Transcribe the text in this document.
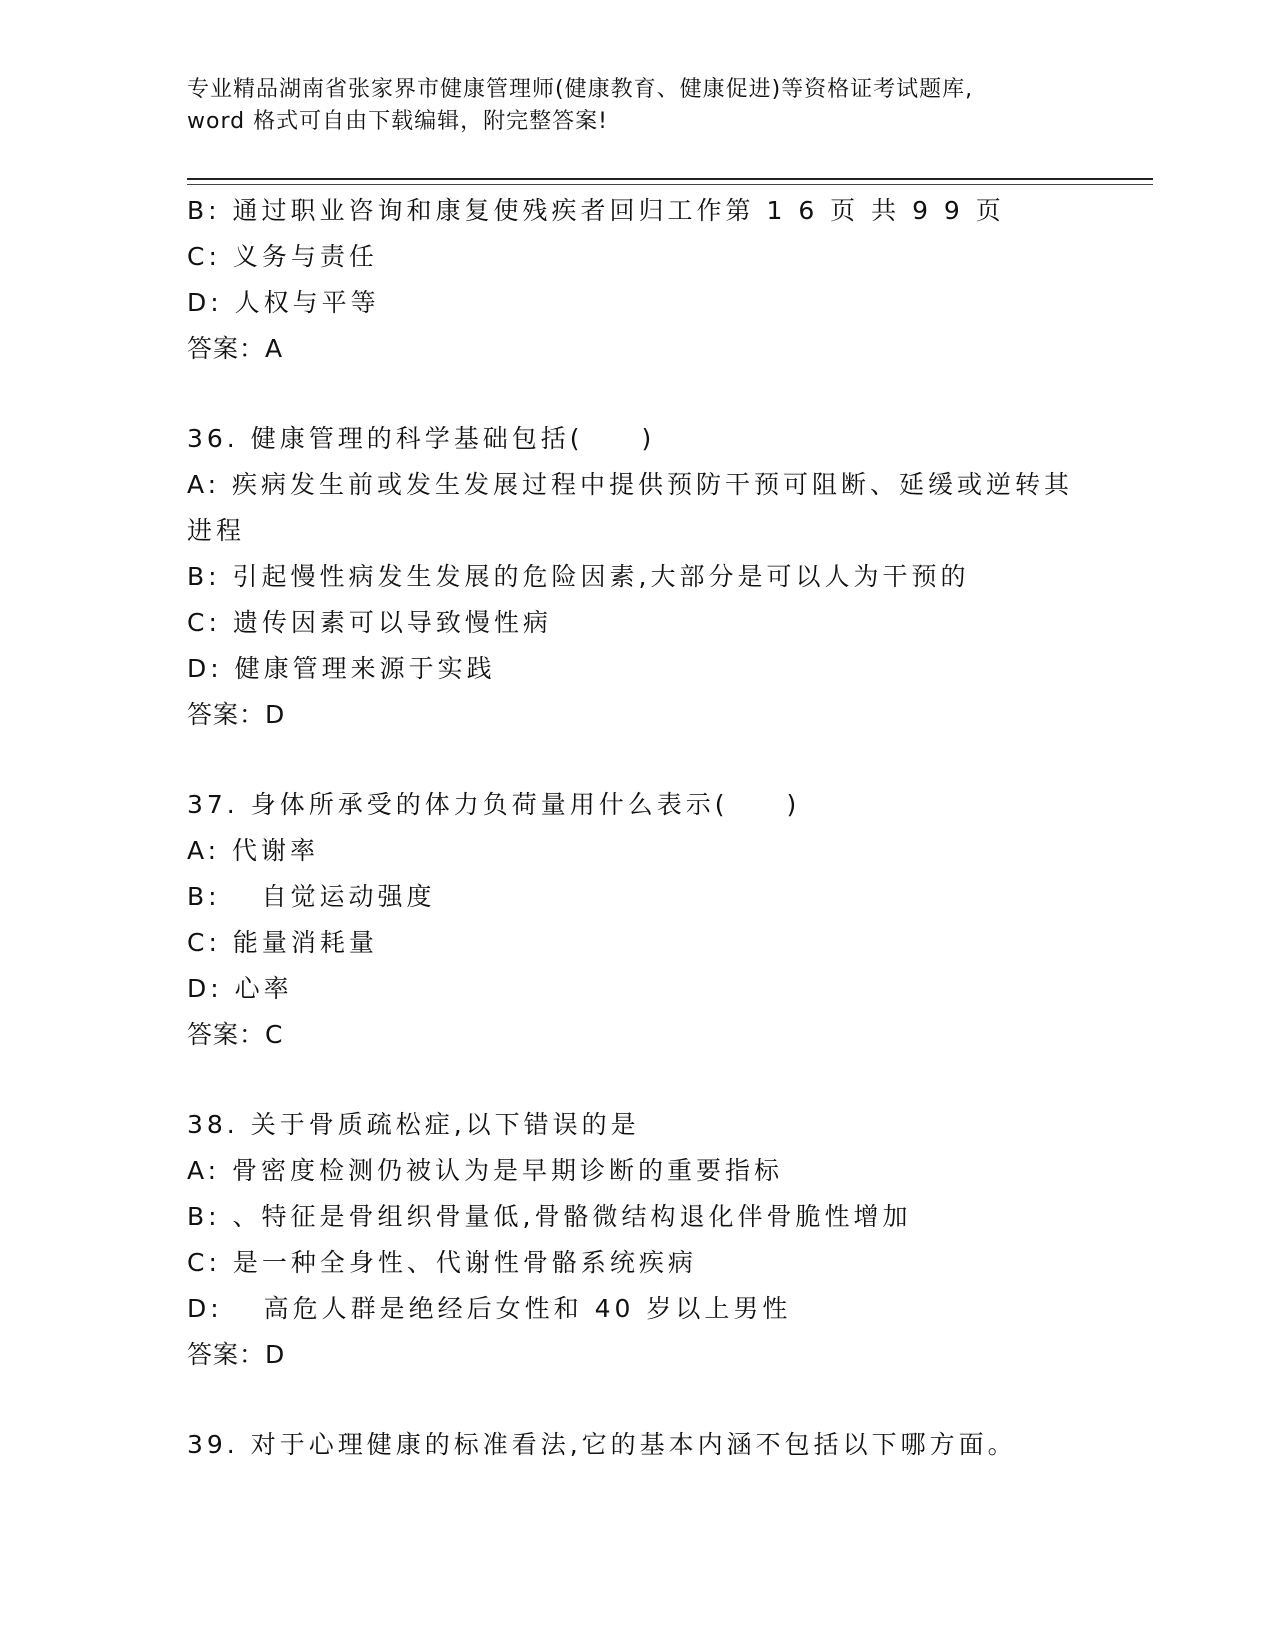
专业精品湖南省张家界市健康管理师(健康教育、健康促进)等资格证考试题库,
word 格式可自由下载编辑，附完整答案!
B: 通过职业咨询和康复使残疾者回归工作第 1 6 页 共 9 9 页
C: 义务与责任
D: 人权与平等
答案：A
36. 健康管理的科学基础包括(　　)
A: 疾病发生前或发生发展过程中提供预防干预可阻断、延缓或逆转其
进程
B: 引起慢性病发生发展的危险因素,大部分是可以人为干预的
C: 遗传因素可以导致慢性病
D: 健康管理来源于实践
答案：D
37. 身体所承受的体力负荷量用什么表示(　　)
A: 代谢率
B: 　自觉运动强度
C: 能量消耗量
D: 心率
答案：C
38. 关于骨质疏松症,以下错误的是
A: 骨密度检测仍被认为是早期诊断的重要指标
B: 、特征是骨组织骨量低,骨骼微结构退化伴骨脆性增加
C: 是一种全身性、代谢性骨骼系统疾病
D: 　高危人群是绝经后女性和 40 岁以上男性
答案：D
39. 对于心理健康的标准看法,它的基本内涵不包括以下哪方面。
